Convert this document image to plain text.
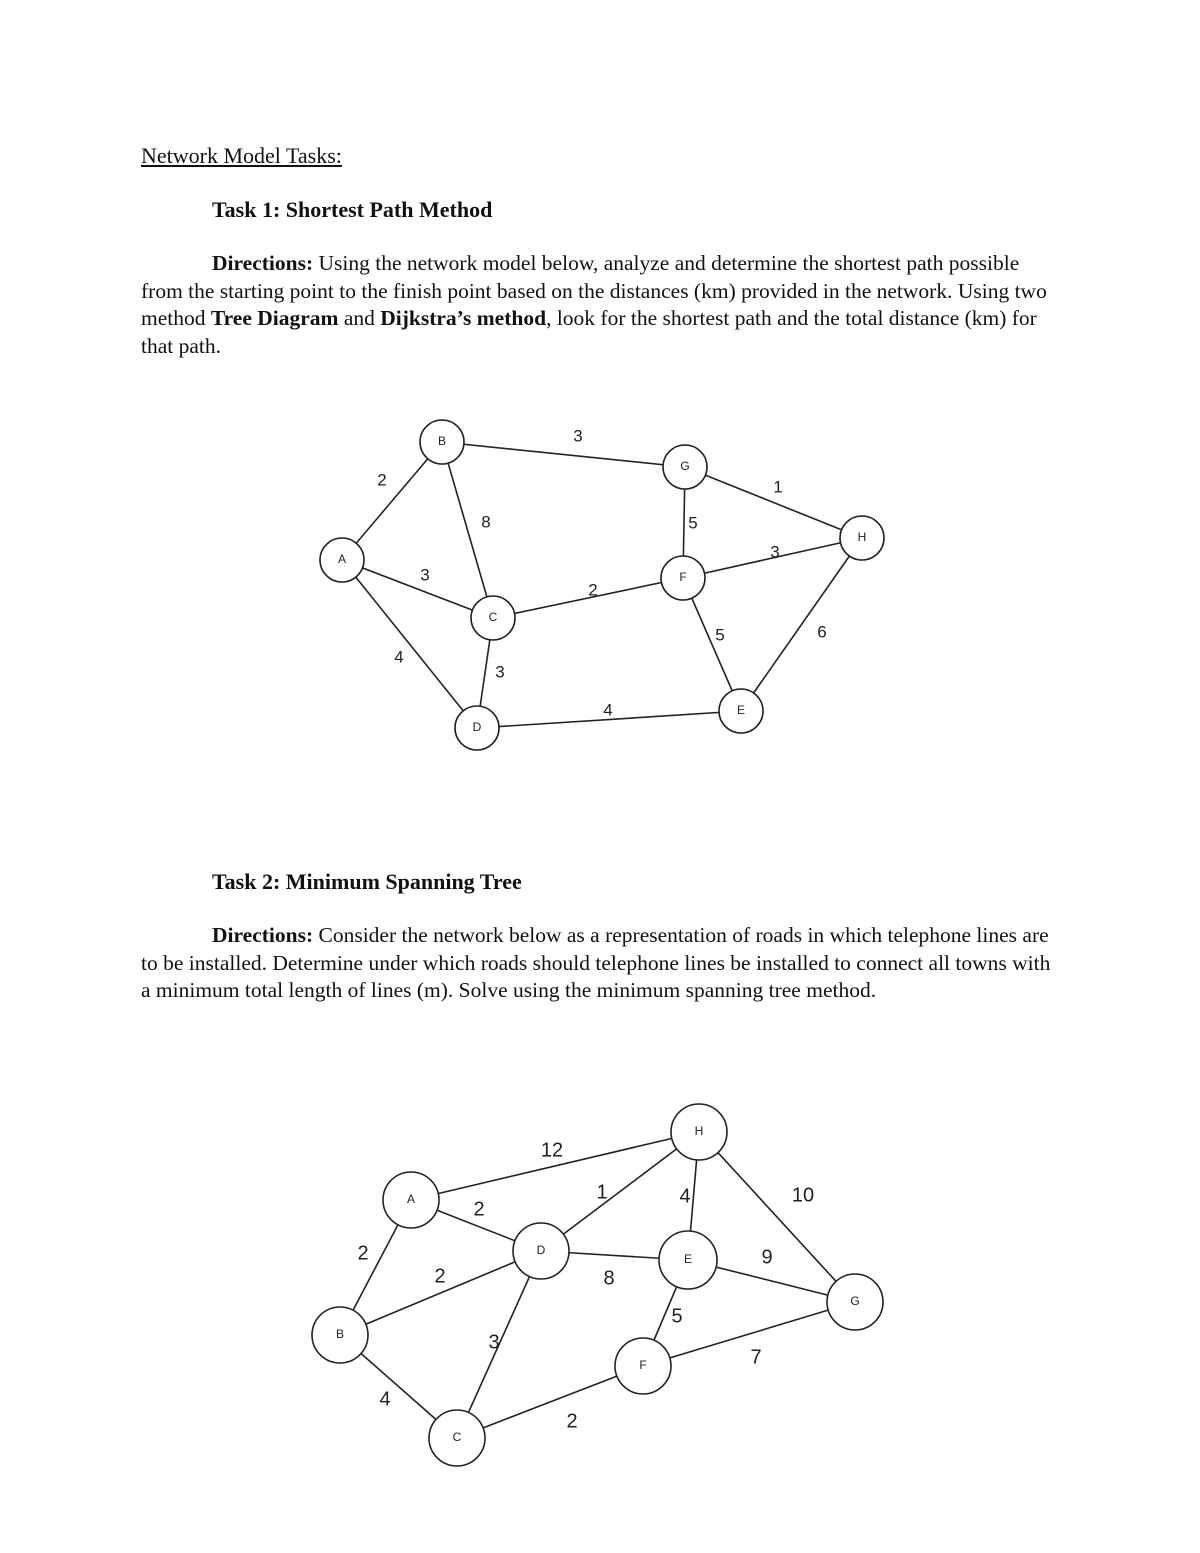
Network Model Tasks:
Task 1: Shortest Path Method

Directions: Using the network model below, analyze and determine the shortest path possible from the starting point to the finish point based on the distances (km) provided in the network. Using two method Tree Diagram and Dijkstra’s method, look for the shortest path and the total distance (km) for that path.

2
3
8
3
4
3
2
5
1
3
5	6
4
A
B
C
D
E
F
G
H
Task 2: Minimum Spanning Tree

Directions: Consider the network below as a representation of roads in which telephone lines are to be installed. Determine under which roads should telephone lines be installed to connect all towns with a minimum total length of lines (m). Solve using the minimum spanning tree method.

12
2
2
2
4
1
8
3
4	10
9
5
7
2
A
B
C
D
E
F
G
H
